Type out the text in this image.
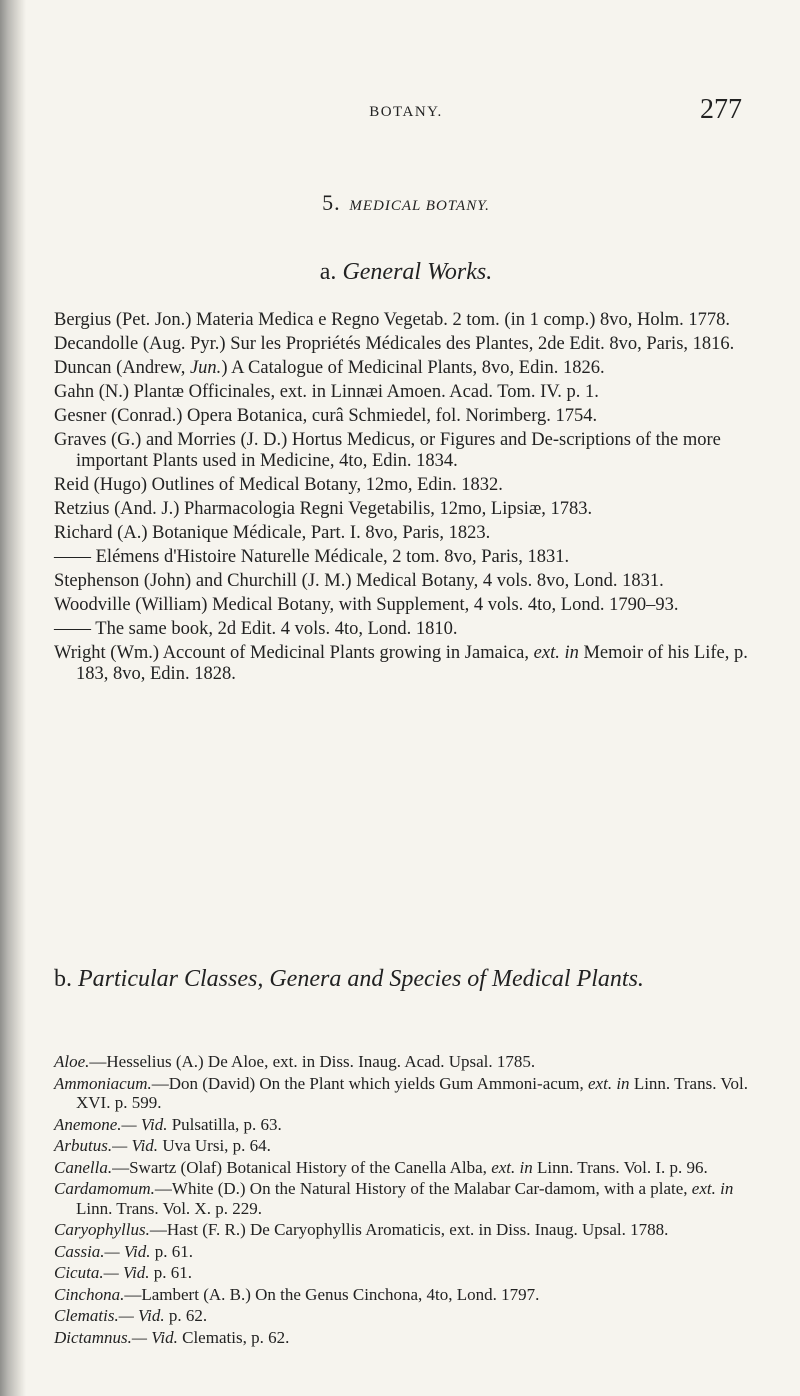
BOTANY.	277
5. MEDICAL BOTANY.
a. General Works.

Bergius (Pet. Jon.) Materia Medica e Regno Vegetab. 2 tom. (in 1 comp.) 8vo, Holm. 1778.

Decandolle (Aug. Pyr.) Sur les Propriétés Médicales des Plantes, 2de Edit. 8vo, Paris, 1816.

Duncan (Andrew, Jun.) A Catalogue of Medicinal Plants, 8vo, Edin. 1826.

Gahn (N.) Plantæ Officinales, ext. in Linnæi Amoen. Acad. Tom. IV. p. 1.

Gesner (Conrad.) Opera Botanica, curâ Schmiedel, fol. Norimberg. 1754.

Graves (G.) and Morries (J. D.) Hortus Medicus, or Figures and De-scriptions of the more important Plants used in Medicine, 4to, Edin. 1834.

Reid (Hugo) Outlines of Medical Botany, 12mo, Edin. 1832.

Retzius (And. J.) Pharmacologia Regni Vegetabilis, 12mo, Lipsiæ, 1783.

Richard (A.) Botanique Médicale, Part. I. 8vo, Paris, 1823.

—— Elémens d'Histoire Naturelle Médicale, 2 tom. 8vo, Paris, 1831.

Stephenson (John) and Churchill (J. M.) Medical Botany, 4 vols. 8vo, Lond. 1831.

Woodville (William) Medical Botany, with Supplement, 4 vols. 4to, Lond. 1790–93.

—— The same book, 2d Edit. 4 vols. 4to, Lond. 1810.

Wright (Wm.) Account of Medicinal Plants growing in Jamaica, ext. in Memoir of his Life, p. 183, 8vo, Edin. 1828.

b. Particular Classes, Genera and Species of Medical Plants.

Aloe.—Hesselius (A.) De Aloe, ext. in Diss. Inaug. Acad. Upsal. 1785.

Ammoniacum.—Don (David) On the Plant which yields Gum Ammoni-acum, ext. in Linn. Trans. Vol. XVI. p. 599.

Anemone.— Vid. Pulsatilla, p. 63.

Arbutus.— Vid. Uva Ursi, p. 64.

Canella.—Swartz (Olaf) Botanical History of the Canella Alba, ext. in Linn. Trans. Vol. I. p. 96.

Cardamomum.—White (D.) On the Natural History of the Malabar Car-damom, with a plate, ext. in Linn. Trans. Vol. X. p. 229.

Caryophyllus.—Hast (F. R.) De Caryophyllis Aromaticis, ext. in Diss. Inaug. Upsal. 1788.

Cassia.— Vid. p. 61.

Cicuta.— Vid. p. 61.

Cinchona.—Lambert (A. B.) On the Genus Cinchona, 4to, Lond. 1797.

Clematis.— Vid. p. 62.

Dictamnus.— Vid. Clematis, p. 62.
